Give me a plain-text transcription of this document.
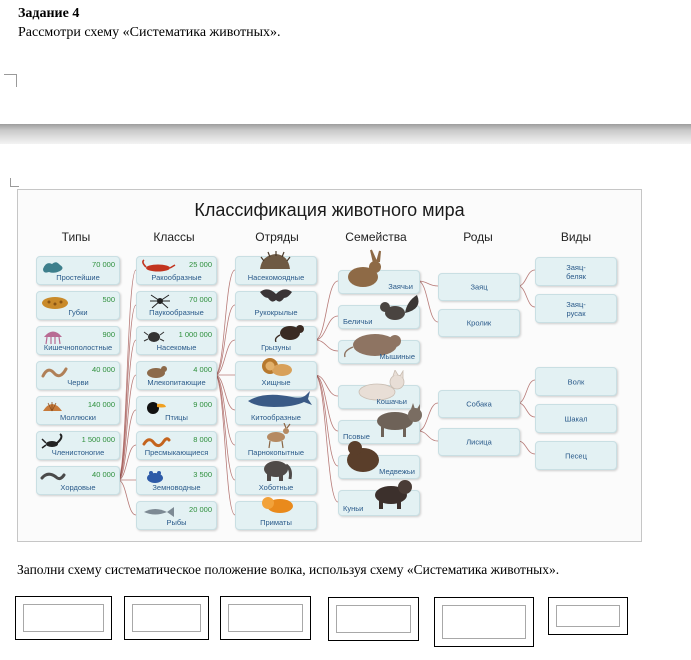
Задание 4
Рассмотри схему «Систематика животных».
Классификация животного мира
Типы	Классы	Отряды	Семейства	Роды	Виды
70 000
Простейшие
500
Губки
900
Кишечнополостные
40 000
Черви
140 000
Моллюски
1 500 000
Членистоногие
40 000
Хордовые
25 000
Ракообразные
70 000
Паукообразные
1 000 000
Насекомые
4 000
Млекопитающие
9 000
Птицы
8 000
Пресмыкающиеся
3 500
Земноводные
20 000
Рыбы
Насекомоядные
Рукокрылые
Грызуны
Хищные
Китообразные
Парнокопытные
Хоботные
Приматы
Заячьи
Беличьи
Мышиные
Кошачьи
Псовые
Медвежьи
Куньи
Заяц
Кролик
Собака
Лисица
Заяц-беляк
Заяц-русак
Волк
Шакал
Песец
Заполни схему систематическое положение волка, используя схему «Систематика животных».
